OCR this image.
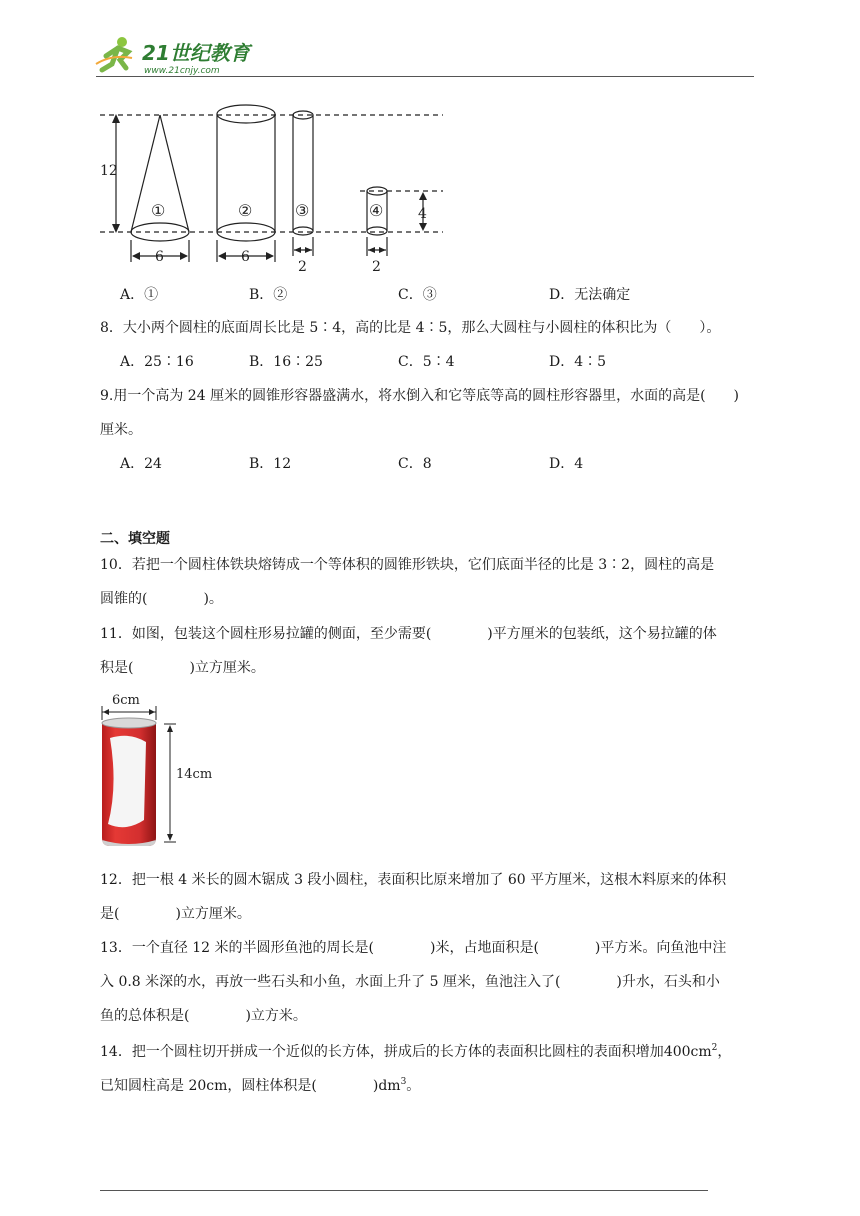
21世纪教育
www.21cnjy.com
12
①	②	③	④ 4
6	6
2	2
A．①	B．②	C．③	D．无法确定
8．大小两个圆柱的底面周长比是 5∶4，高的比是 4∶5，那么大圆柱与小圆柱的体积比为（　　）。
A．25∶16	B．16∶25	C．5∶4	D．4∶5
9.用一个高为 24 厘米的圆锥形容器盛满水，将水倒入和它等底等高的圆柱形容器里，水面的高是(　　)
厘米。
A．24	B．12	C．8	D．4
二、填空题
10．若把一个圆柱体铁块熔铸成一个等体积的圆锥形铁块，它们底面半径的比是 3∶2，圆柱的高是
圆锥的(　　　　)。
11．如图，包装这个圆柱形易拉罐的侧面，至少需要(　　　　)平方厘米的包装纸，这个易拉罐的体
积是(　　　　)立方厘米。
6cm
14cm
12．把一根 4 米长的圆木锯成 3 段小圆柱，表面积比原来增加了 60 平方厘米，这根木料原来的体积
是(　　　　)立方厘米。
13．一个直径 12 米的半圆形鱼池的周长是(　　　　)米，占地面积是(　　　　)平方米。向鱼池中注
入 0.8 米深的水，再放一些石头和小鱼，水面上升了 5 厘米，鱼池注入了(　　　　)升水，石头和小
鱼的总体积是(　　　　)立方米。
14．把一个圆柱切开拼成一个近似的长方体，拼成后的长方体的表面积比圆柱的表面积增加$400cm^2$，
已知圆柱高是 20cm，圆柱体积是(　　　　)$dm^3$。
